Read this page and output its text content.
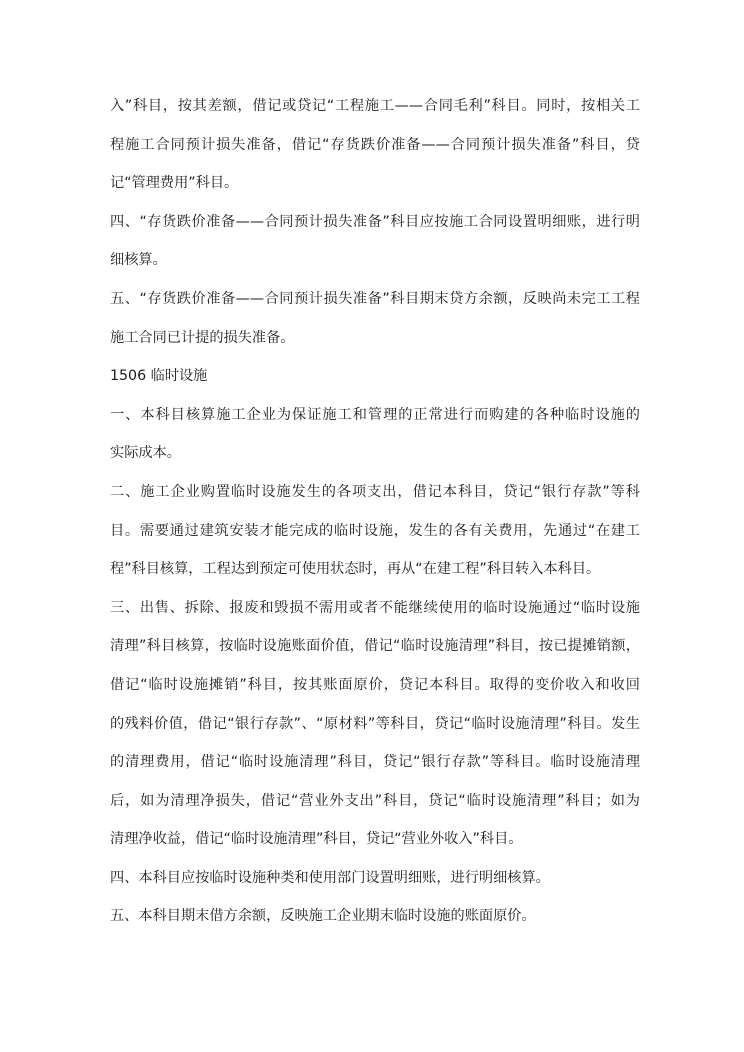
入”科目，按其差额，借记或贷记“工程施工——合同毛利”科目。同时，按相关工
程施工合同预计损失准备，借记“存货跌价准备——合同预计损失准备”科目，贷
记“管理费用”科目。
四、“存货跌价准备——合同预计损失准备”科目应按施工合同设置明细账，进行明
细核算。
五、“存货跌价准备——合同预计损失准备”科目期末贷方余额，反映尚未完工工程
施工合同已计提的损失准备。
1506 临时设施
一、本科目核算施工企业为保证施工和管理的正常进行而购建的各种临时设施的
实际成本。
二、施工企业购置临时设施发生的各项支出，借记本科目，贷记“银行存款”等科
目。需要通过建筑安装才能完成的临时设施，发生的各有关费用，先通过“在建工
程”科目核算，工程达到预定可使用状态时，再从“在建工程”科目转入本科目。
三、出售、拆除、报废和毁损不需用或者不能继续使用的临时设施通过“临时设施
清理”科目核算，按临时设施账面价值，借记“临时设施清理”科目，按已提摊销额，
借记“临时设施摊销”科目，按其账面原价，贷记本科目。取得的变价收入和收回
的残料价值，借记“银行存款”、“原材料”等科目，贷记“临时设施清理”科目。发生
的清理费用，借记“临时设施清理”科目，贷记“银行存款”等科目。临时设施清理
后，如为清理净损失，借记“营业外支出”科目，贷记“临时设施清理”科目；如为
清理净收益，借记“临时设施清理”科目，贷记“营业外收入”科目。
四、本科目应按临时设施种类和使用部门设置明细账，进行明细核算。
五、本科目期末借方余额，反映施工企业期末临时设施的账面原价。
